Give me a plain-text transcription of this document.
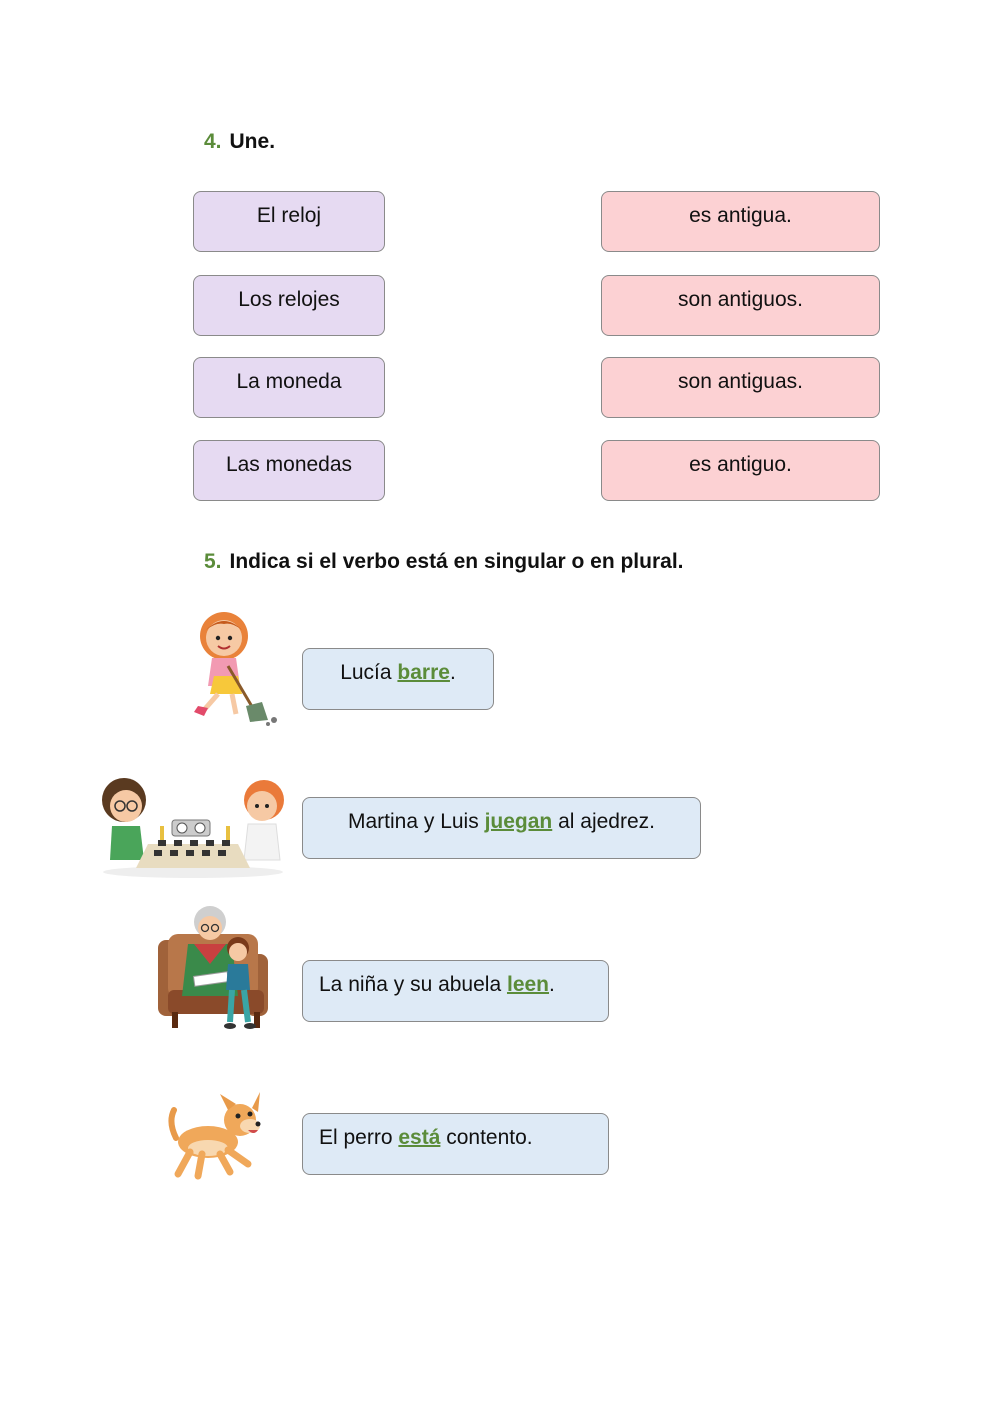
4. Une.
El reloj
Los relojes
La moneda
Las monedas
es antigua.
son antiguos.
son antiguas.
es antiguo.
5. Indica si el verbo está en singular o en plural.
Lucía barre.
Martina y Luis juegan al ajedrez.
La niña y su abuela leen.
El perro está contento.
